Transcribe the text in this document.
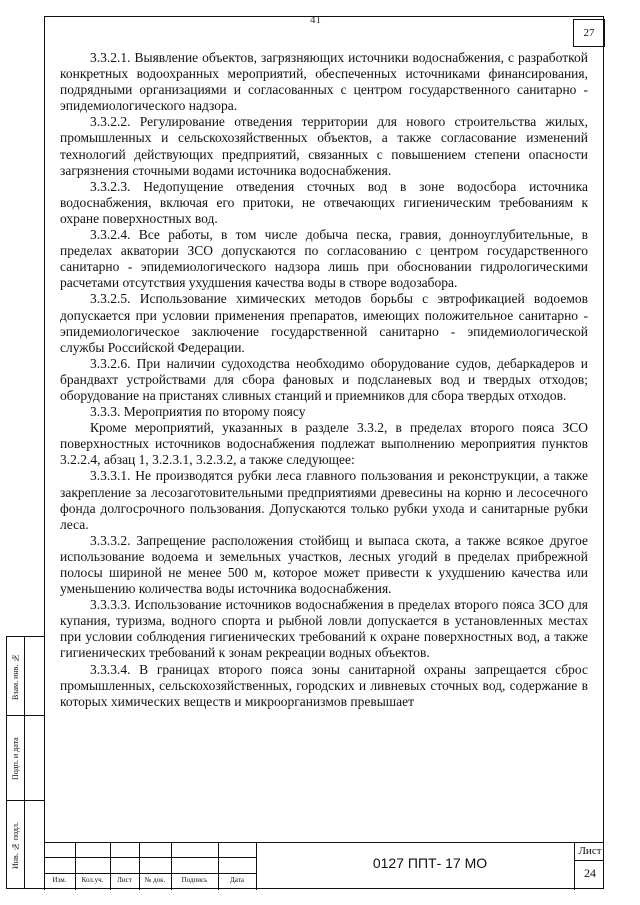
41
27

3.3.2.1. Выявление объектов, загрязняющих источники водоснабжения, с разработкой конкретных водоохранных мероприятий, обеспеченных источниками финансирования, подрядными организациями и согласованных с центром государственного санитарно - эпидемиологического надзора.

3.3.2.2. Регулирование отведения территории для нового строительства жилых, промышленных и сельскохозяйственных объектов, а также согласование изменений технологий действующих предприятий, связанных с повышением степени опасности загрязнения сточными водами источника водоснабжения.

3.3.2.3. Недопущение отведения сточных вод в зоне водосбора источника водоснабжения, включая его притоки, не отвечающих гигиеническим требованиям к охране поверхностных вод.

3.3.2.4. Все работы, в том числе добыча песка, гравия, донноуглубительные, в пределах акватории ЗСО допускаются по согласованию с центром государственного санитарно - эпидемиологического надзора лишь при обосновании гидрологическими расчетами отсутствия ухудшения качества воды в створе водозабора.

3.3.2.5. Использование химических методов борьбы с эвтрофикацией водоемов допускается при условии применения препаратов, имеющих положительное санитарно - эпидемиологическое заключение государственной санитарно - эпидемиологической службы Российской Федерации.

3.3.2.6. При наличии судоходства необходимо оборудование судов, дебаркадеров и брандвахт устройствами для сбора фановых и подсланевых вод и твердых отходов; оборудование на пристанях сливных станций и приемников для сбора твердых отходов.

3.3.3. Мероприятия по второму поясу

Кроме мероприятий, указанных в разделе 3.3.2, в пределах второго пояса ЗСО поверхностных источников водоснабжения подлежат выполнению мероприятия пунктов 3.2.2.4, абзац 1, 3.2.3.1, 3.2.3.2, а также следующее:

3.3.3.1. Не производятся рубки леса главного пользования и реконструкции, а также закрепление за лесозаготовительными предприятиями древесины на корню и лесосечного фонда долгосрочного пользования. Допускаются только рубки ухода и санитарные рубки леса.

3.3.3.2. Запрещение расположения стойбищ и выпаса скота, а также всякое другое использование водоема и земельных участков, лесных угодий в пределах прибрежной полосы шириной не менее 500 м, которое может привести к ухудшению качества или уменьшению количества воды источника водоснабжения.

3.3.3.3. Использование источников водоснабжения в пределах второго пояса ЗСО для купания, туризма, водного спорта и рыбной ловли допускается в установленных местах при условии соблюдения гигиенических требований к охране поверхностных вод, а также гигиенических требований к зонам рекреации водных объектов.

3.3.3.4. В границах второго пояса зоны санитарной охраны запрещается сброс промышленных, сельскохозяйственных, городских и ливневых сточных вод, содержание в которых химических веществ и микроорганизмов превышает

Взам. инв. №
Подп. и дата
Инв. № подл.
Изм.	Кол.уч.	Лист	№ док.	Подпись	Дата
0127 ППТ- 17 МО
Лист
24
